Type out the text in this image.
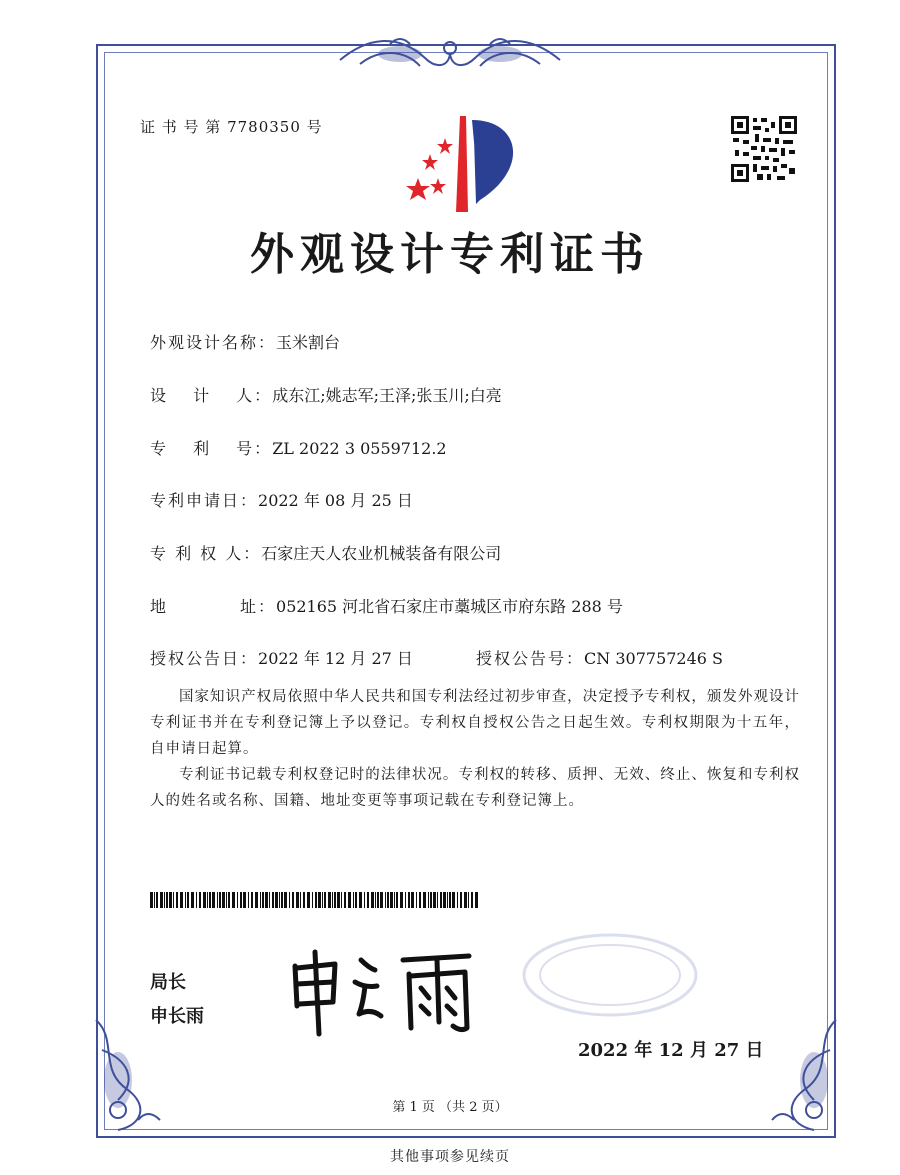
证 书 号 第 7780350 号
外观设计专利证书
外观设计名称：玉米割台
设　 计　 人：成东江;姚志军;王泽;张玉川;白亮
专　 利　 号：ZL 2022 3 0559712.2
专利申请日：2022 年 08 月 25 日
专 利 权 人：石家庄天人农业机械装备有限公司
地　　　　址：052165 河北省石家庄市藁城区市府东路 288 号
授权公告日：2022 年 12 月 27 日	授权公告号：CN 307757246 S
国家知识产权局依照中华人民共和国专利法经过初步审查，决定授予专利权，颁发外观设计专利证书并在专利登记簿上予以登记。专利权自授权公告之日起生效。专利权期限为十五年，自申请日起算。
专利证书记载专利权登记时的法律状况。专利权的转移、质押、无效、终止、恢复和专利权人的姓名或名称、国籍、地址变更等事项记载在专利登记簿上。
局长
申长雨
2022 年 12 月 27 日
第 1 页 （共 2 页）
其他事项参见续页
